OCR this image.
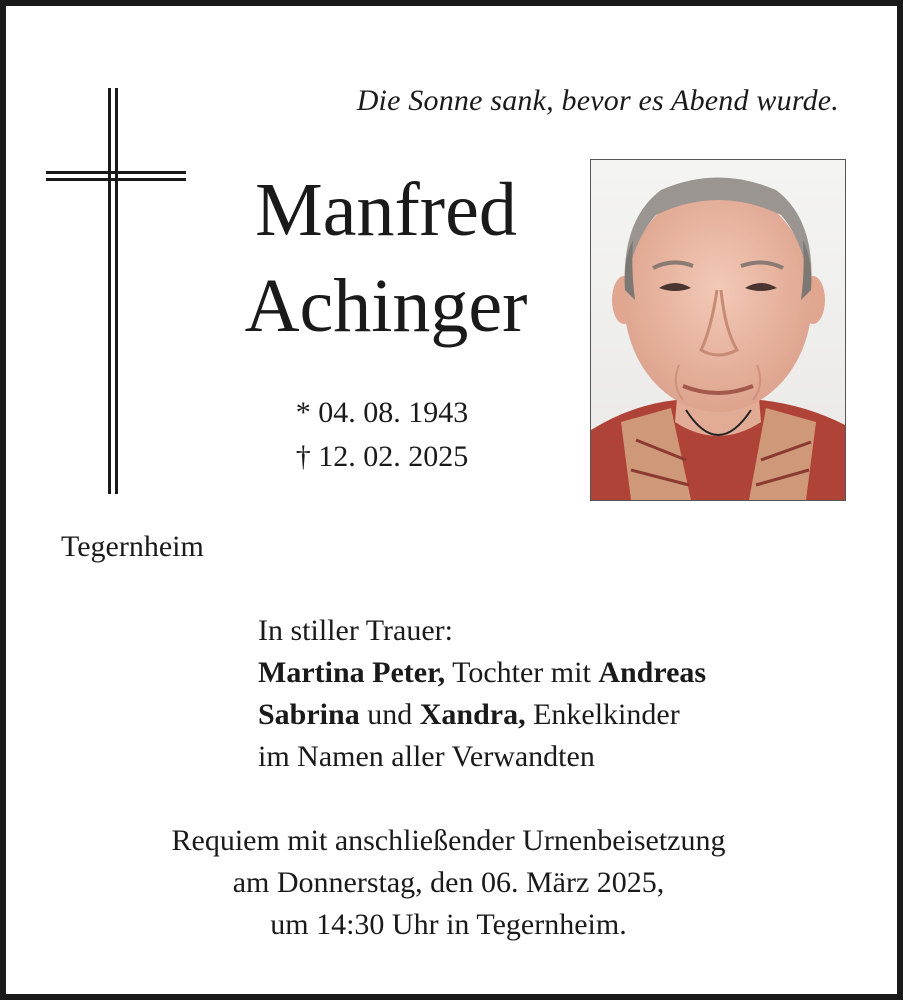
Die Sonne sank, bevor es Abend wurde.
Manfred
Achinger
* 04. 08. 1943
† 12. 02. 2025
Tegernheim
In stiller Trauer:
Martina Peter, Tochter mit Andreas
Sabrina und Xandra, Enkelkinder
im Namen aller Verwandten
Requiem mit anschließender Urnenbeisetzung
am Donnerstag, den 06. März 2025,
um 14:30 Uhr in Tegernheim.
